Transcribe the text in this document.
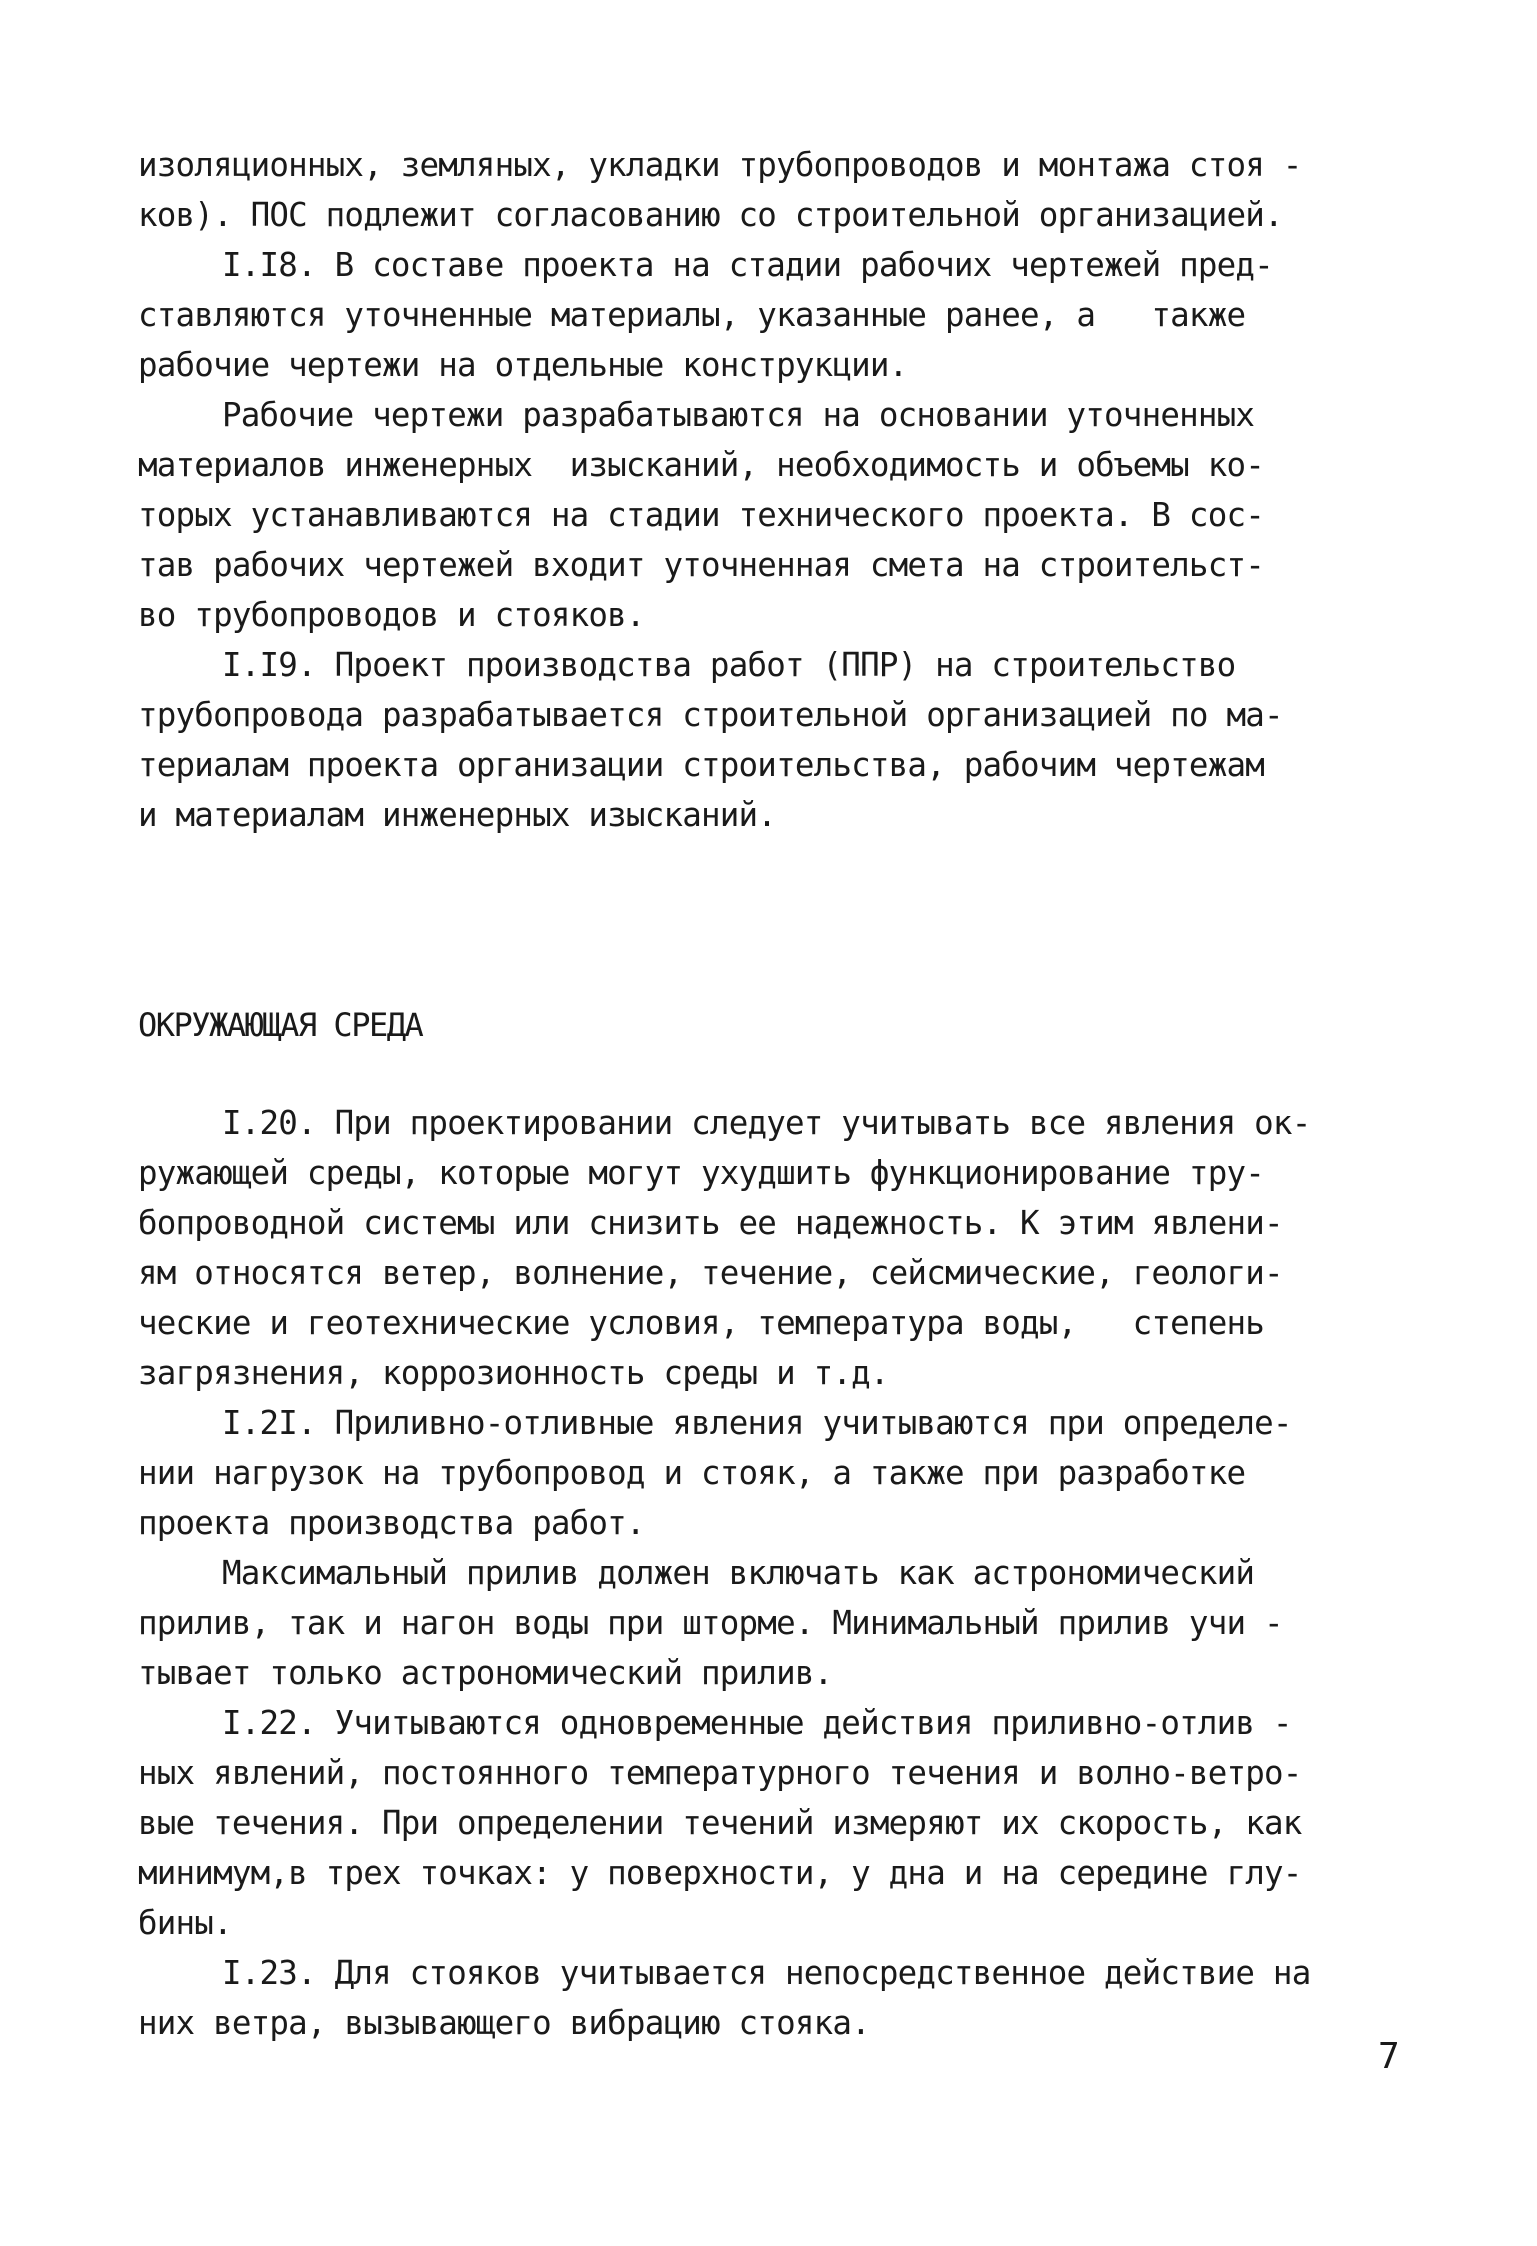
изоляционных, земляных, укладки трубопроводов и монтажа стоя -
ков). ПОС подлежит согласованию со строительной организацией.
I.I8. В составе проекта на стадии рабочих чертежей пред-
ставляются уточненные материалы, указанные ранее, а   также
рабочие чертежи на отдельные конструкции.
Рабочие чертежи разрабатываются на основании уточненных
материалов инженерных  изысканий, необходимость и объемы ко-
торых устанавливаются на стадии технического проекта. В сос-
тав рабочих чертежей входит уточненная смета на строительст-
во трубопроводов и стояков.
I.I9. Проект производства работ (ППР) на строительство
трубопровода разрабатывается строительной организацией по ма-
териалам проекта организации строительства, рабочим чертежам
и материалам инженерных изысканий.
ОКРУЖАЮЩАЯ СРЕДА
I.20. При проектировании следует учитывать все явления ок-
ружающей среды, которые могут ухудшить функционирование тру-
бопроводной системы или снизить ее надежность. К этим явлени-
ям относятся ветер, волнение, течение, сейсмические, геологи-
ческие и геотехнические условия, температура воды,   степень
загрязнения, коррозионность среды и т.д.
I.2I. Приливно-отливные явления учитываются при определе-
нии нагрузок на трубопровод и стояк, а также при разработке
проекта производства работ.
Максимальный прилив должен включать как астрономический
прилив, так и нагон воды при шторме. Минимальный прилив учи -
тывает только астрономический прилив.
I.22. Учитываются одновременные действия приливно-отлив -
ных явлений, постоянного температурного течения и волно-ветро-
вые течения. При определении течений измеряют их скорость, как
минимум,в трех точках: у поверхности, у дна и на середине глу-
бины.
I.23. Для стояков учитывается непосредственное действие на
них ветра, вызывающего вибрацию стояка.
7
